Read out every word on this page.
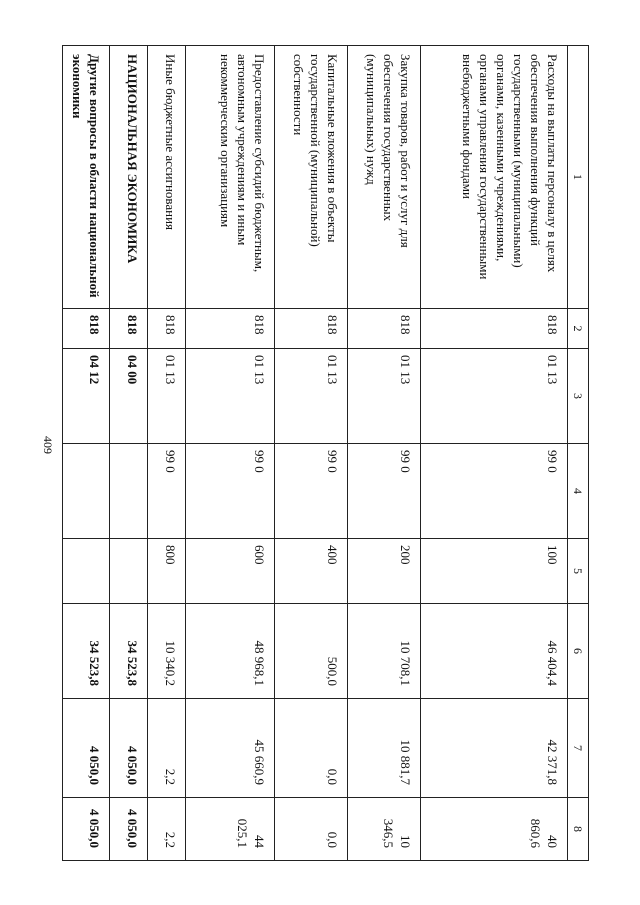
409
1	2	3	4	5	6	7	8

Расходы на выплаты персоналу в целях обеспечения выполнения функций государственными (муниципальными) органами, казенными учреждениями, органами управления государственными внебюджетными фондами	818	01 13	99 0	100	46 404,4	42 371,8	40 860,6

Закупка товаров, работ и услуг для обеспечения государственных (муниципальных) нужд	818	01 13	99 0	200	10 708,1	10 881,7	10 346,5

Капитальные вложения в объекты государственной (муниципальной) собственности	818	01 13	99 0	400	500,0	0,0	0,0

Предоставление субсидий бюджетным, автономным учреждениям и иным некоммерческим организациям	818	01 13	99 0	600	48 968,1	45 660,9	44 025,1

Иные бюджетные ассигнования	818	01 13	99 0	800	10 340,2	2,2	2,2

НАЦИОНАЛЬНАЯ ЭКОНОМИКА	818	04 00			34 523,8	4 050,0	4 050,0

Другие вопросы в области национальной экономики	818	04 12			34 523,8	4 050,0	4 050,0
